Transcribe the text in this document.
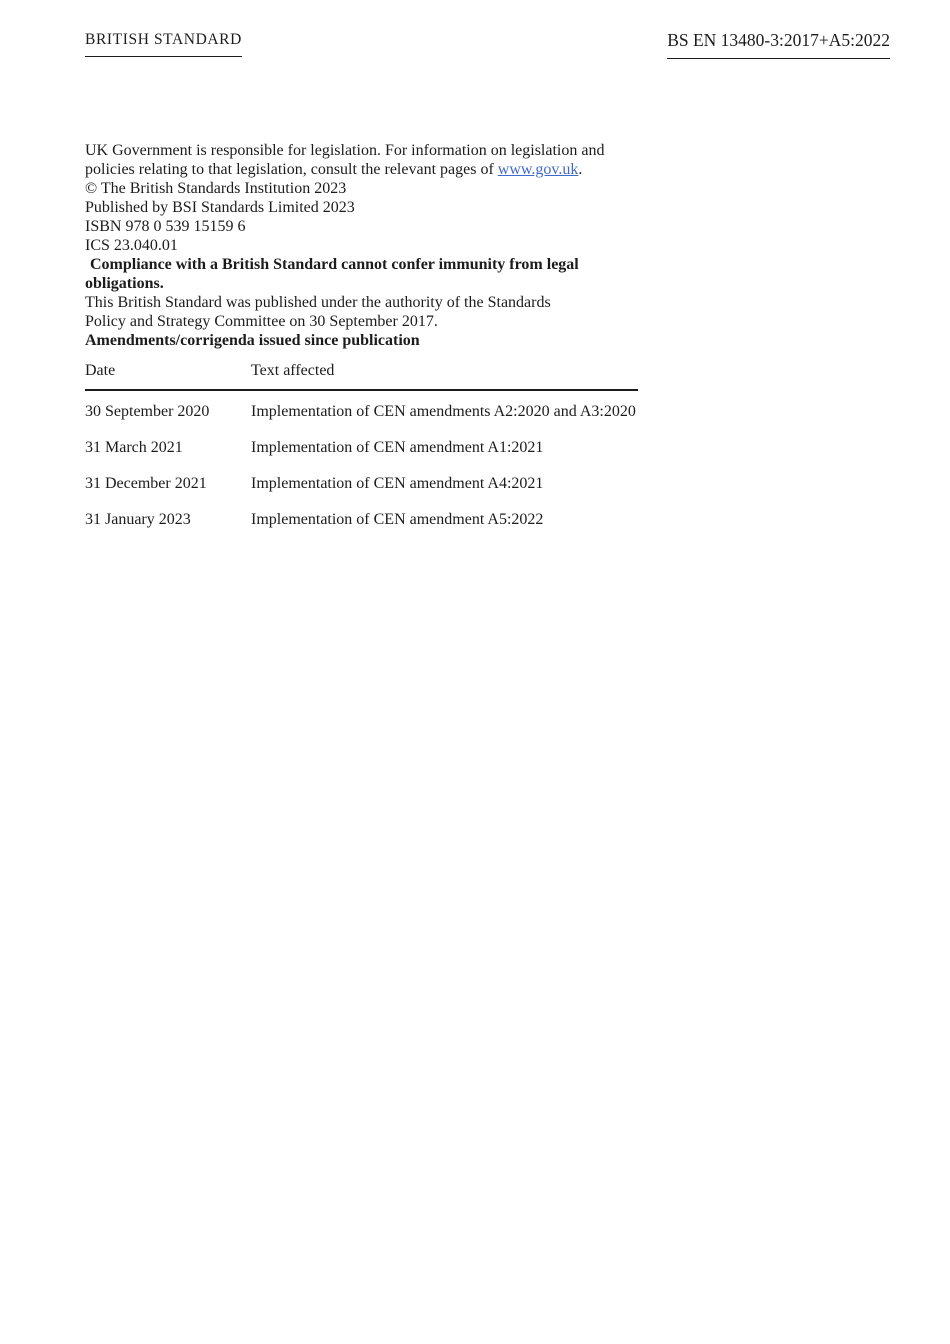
BRITISH STANDARD	BS EN 13480-3:2017+A5:2022

UK Government is responsible for legislation. For information on legislation and policies relating to that legislation, consult the relevant pages of www.gov.uk.

© The British Standards Institution 2023
Published by BSI Standards Limited 2023

ISBN 978 0 539 15159 6

ICS 23.040.01

Compliance with a British Standard cannot confer immunity from legal obligations.

This British Standard was published under the authority of the Standards Policy and Strategy Committee on 30 September 2017.

Amendments/corrigenda issued since publication
Date	Text affected
30 September 2020	Implementation of CEN amendments A2:2020 and A3:2020
31 March 2021	Implementation of CEN amendment A1:2021
31 December 2021	Implementation of CEN amendment A4:2021
31 January 2023	Implementation of CEN amendment A5:2022
